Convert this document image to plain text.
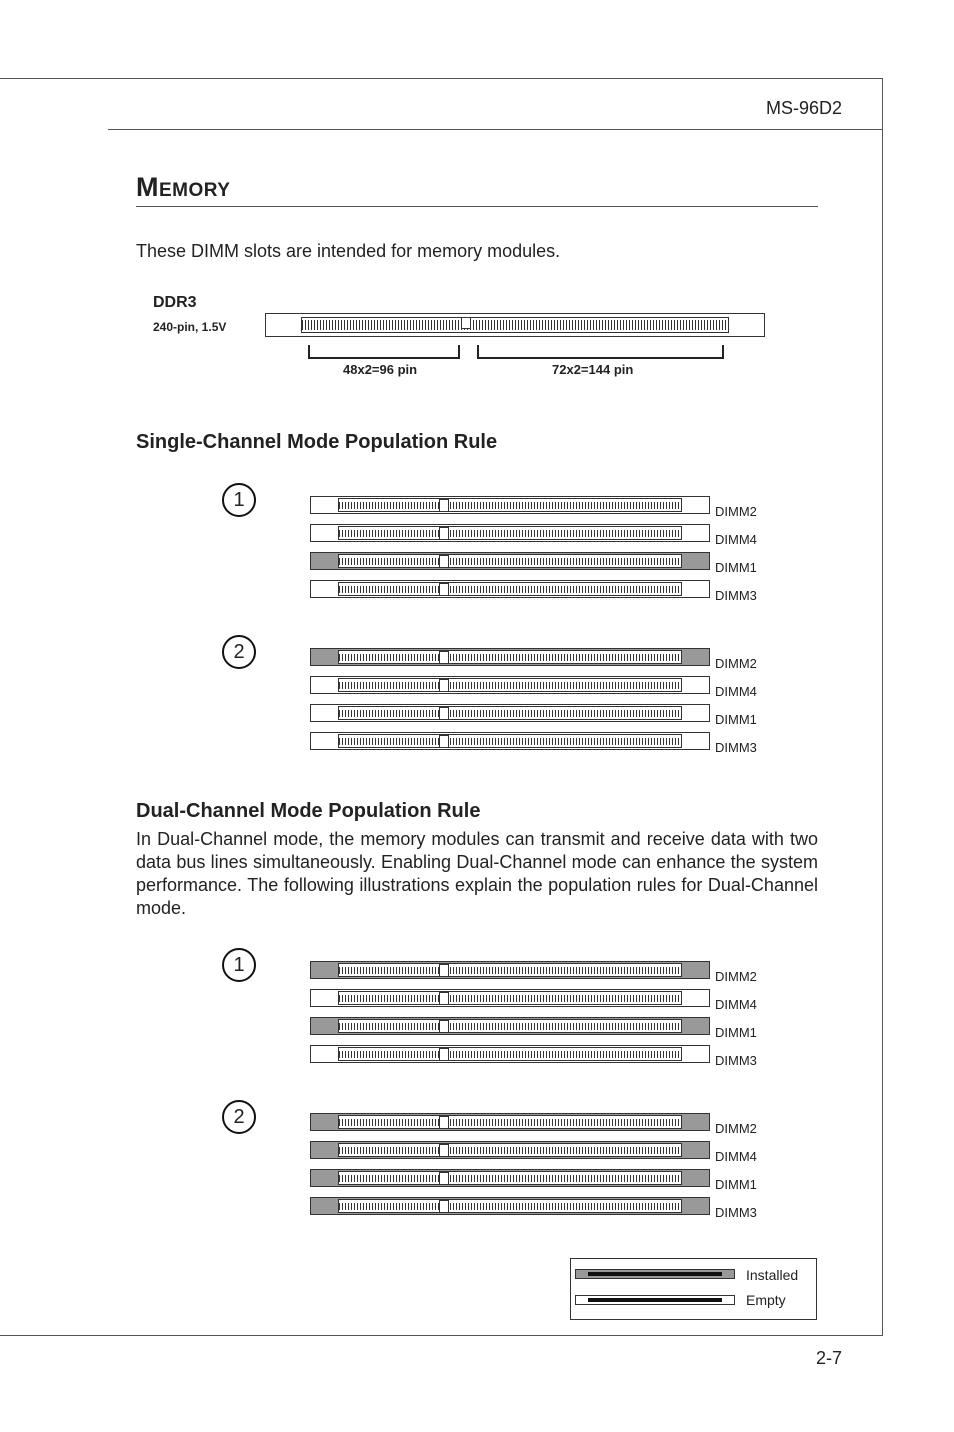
MS-96D2
MEMORY
These DIMM slots are intended for memory modules.
DDR3
240-pin, 1.5V
48x2=96 pin	72x2=144 pin
Single-Channel Mode Population Rule
1
DIMM2
DIMM4
DIMM1
DIMM3
2
DIMM2
DIMM4
DIMM1
DIMM3
Dual-Channel Mode Population Rule
In Dual-Channel mode, the memory modules can transmit and receive data with two data bus lines simultaneously. Enabling Dual-Channel mode can enhance the system performance. The following illustrations explain the population rules for Dual-Channel mode.
1
DIMM2
DIMM4
DIMM1
DIMM3
2
DIMM2
DIMM4
DIMM1
DIMM3
Installed
Empty
2-7
